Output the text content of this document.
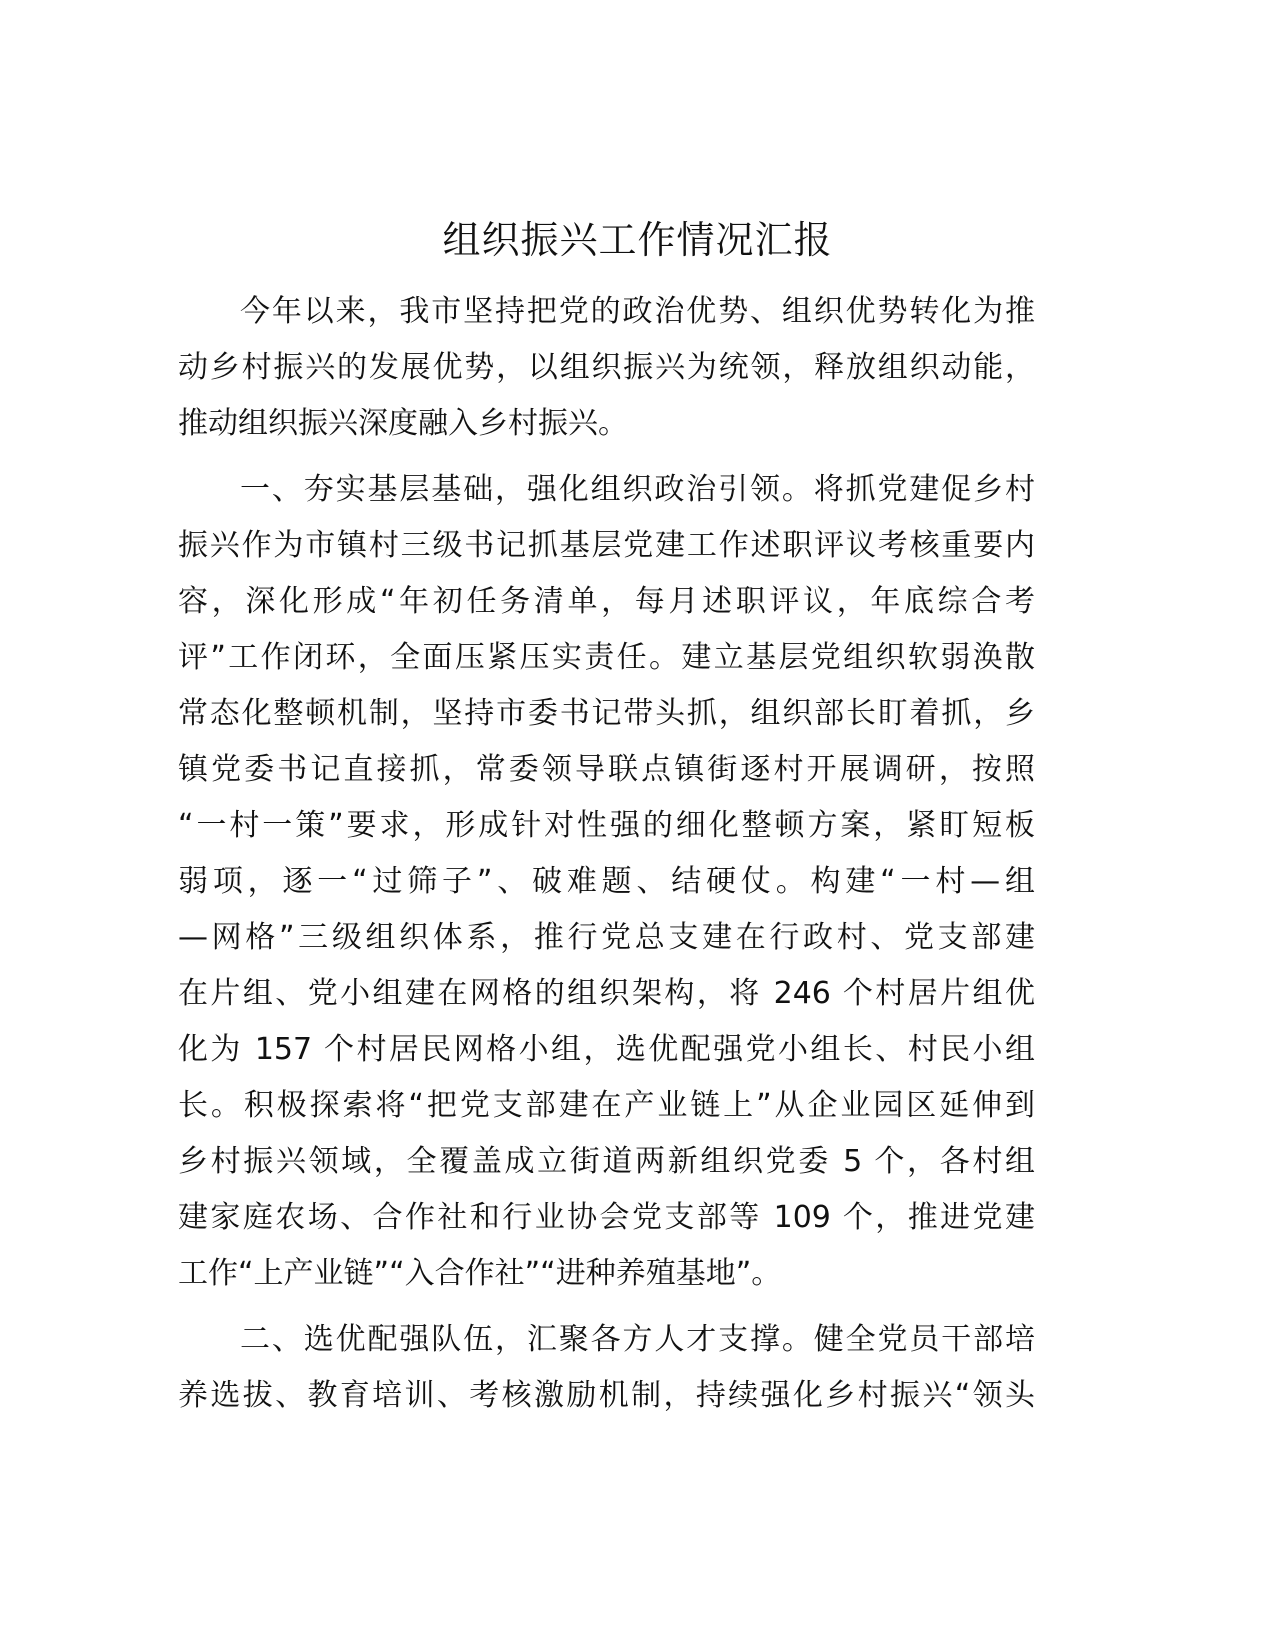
组织振兴工作情况汇报
今年以来，我市坚持把党的政治优势、组织优势转化为推
动乡村振兴的发展优势，以组织振兴为统领，释放组织动能，
推动组织振兴深度融入乡村振兴。
一、夯实基层基础，强化组织政治引领。将抓党建促乡村
振兴作为市镇村三级书记抓基层党建工作述职评议考核重要内
容，深化形成“年初任务清单，每月述职评议，年底综合考
评”工作闭环，全面压紧压实责任。建立基层党组织软弱涣散
常态化整顿机制，坚持市委书记带头抓，组织部长盯着抓，乡
镇党委书记直接抓，常委领导联点镇街逐村开展调研，按照
“一村一策”要求，形成针对性强的细化整顿方案，紧盯短板
弱项，逐一“过筛子”、破难题、结硬仗。构建“一村—组
—网格”三级组织体系，推行党总支建在行政村、党支部建
在片组、党小组建在网格的组织架构，将 246 个村居片组优
化为 157 个村居民网格小组，选优配强党小组长、村民小组
长。积极探索将“把党支部建在产业链上”从企业园区延伸到
乡村振兴领域，全覆盖成立街道两新组织党委 5 个，各村组
建家庭农场、合作社和行业协会党支部等 109 个，推进党建
工作“上产业链”“入合作社”“进种养殖基地”。
二、选优配强队伍，汇聚各方人才支撑。健全党员干部培
养选拔、教育培训、考核激励机制，持续强化乡村振兴“领头
